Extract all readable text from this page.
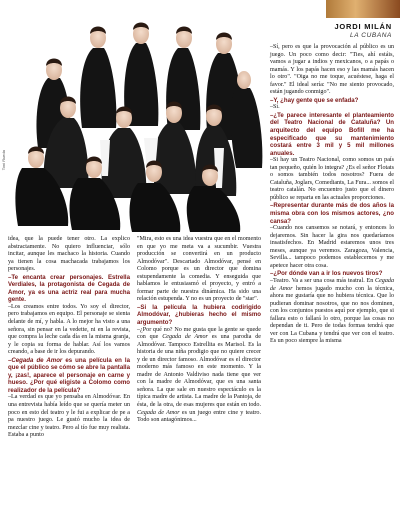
Toni Rueda
JORDI MILÁN
LA CUBANA

idea, que la puede tener otro. La explico abstractamente. No quiero influenciar, sólo incitar, aunque les machaco la historia. Cuando ya tienen la cosa machacada trabajamos los personajes.

–Te encanta crear personajes. Estrella Verdiales, la protagonista de Cegada de Amor, ya es una actriz real para mucha gente.

–Los creamos entre todos. Yo soy el director, pero trabajamos en equipo. El personaje se sienta delante de mí, y habla. A lo mejor ha visto a una señora, sin pensar en la vedette, ni en la revista, que compra la leche cada día en la misma granja, y le copia su forma de hablar. Así los vamos creando, a base de ir los depurando.

–Cegada de Amor es una película en la que el público se cómo se abre la pantalla y, ¡zas!, aparece el personaje en carne y hueso. ¿Por qué eligiste a Colomo como realizador de la película?

–La verdad es que yo pensaba en Almodóvar. En una entrevista había leído que se quería meter un poco en esto del teatro y le fui a explicar de pe a pa nuestro juego. Le gustó mucho la idea de mezclar cine y teatro. Pero al tío fue muy realista. Estaba a punto

"Mira, esto es una idea vuestra que en el momento en que yo me meta va a sucumbir. Vuestra producción se convertirá en un producto Almodóvar". Descartado Almodóvar, pensé en Colomo porque es un director que domina estupendamente la comedia. Y enseguida que hablamos le entusiasmó el proyecto, y entró a formar parte de nuestra dinámica. Ha sido una relación estupenda. Y no es un proyecto de "star".

–Si la película la hubiera codirigido Almodóvar, ¿hubieras hecho el mismo argumento?

–¿Por qué no? No me gusta que la gente se quede con que Cegada de Amor es una parodia de Almodóvar. Tampoco Estrellita es Marisol. Es la historia de una niña prodigio que no quiere crecer y de un director famoso. Almodóvar es el director moderno más famoso en este momento. Y la madre de Antonio Valdiviso nada tiene que ver con la madre de Almodóvar, que es una santa señora. La que sale en nuestro espectáculo es la típica madre de artista. La madre de la Pantoja, de ésta, de la otra, de esas mujeres que están en todo. Cegada de Amor es un juego entre cine y teatro. Todo son antagónimos...

–Sí, pero es que la provocación al público es un juego. Un poco como decir: "Ties, ahí estáis, vamos a jugar a indios y mexicanos, o a papás o mamás. Y los papás hacen eso y las mamás hacen lo otro". "Oiga no me toque, acuéstese, haga el favor." El ideal sería: "No me siento provocado, están jugando conmigo".

–Y, ¿hay gente que se enfada?

–Sí.

–¿Te parece interesante el planteamiento del Teatro Nacional de Cataluña? Un arquitecto del equipo Bofill me ha especificado que su mantenimiento costará entre 3 mil y 5 mil millones anuales.

–Si hay un Teatro Nacional, como somos un país tan pequeño, quién lo integra? ¿Es el señor Flotats o somos también todos nosotros? Fuera de Cataluña, Joglars, Comediants, La Fura... somos el teatro catalán. No encuentro justo que el dinero público se reparta en las actuales proporciones.

–Representar durante más de dos años la misma obra con los mismos actores, ¿no cansa?

–Cuando nos cansemos se notará, y entonces lo dejaremos. Sin hacer la gira nos quedaríamos insatisfechos. En Madrid estaremos unos tres meses, aunque ya veremos. Zaragoza, Valencia, Sevilla... tampoco podemos establecernos y me apetece hacer otra cosa.

–¿Por dónde van a ir los nuevos tiros?

–Teatro. Va a ser una cosa más teatral. En Cegada de Amor hemos jugado mucho con la técnica, ahora me gustaría que no hubiera técnica. Que lo pudieran dominar nosotros, que no nos dominen, con los conjuntos puestos aquí por ejemplo, que si fallara esto o fallará lo otro, porque las cosas no dependan de ti. Pero de todas formas tendrá que ver con La Cubana y tendrá que ver con el teatro. Es un poco siempre la misma
